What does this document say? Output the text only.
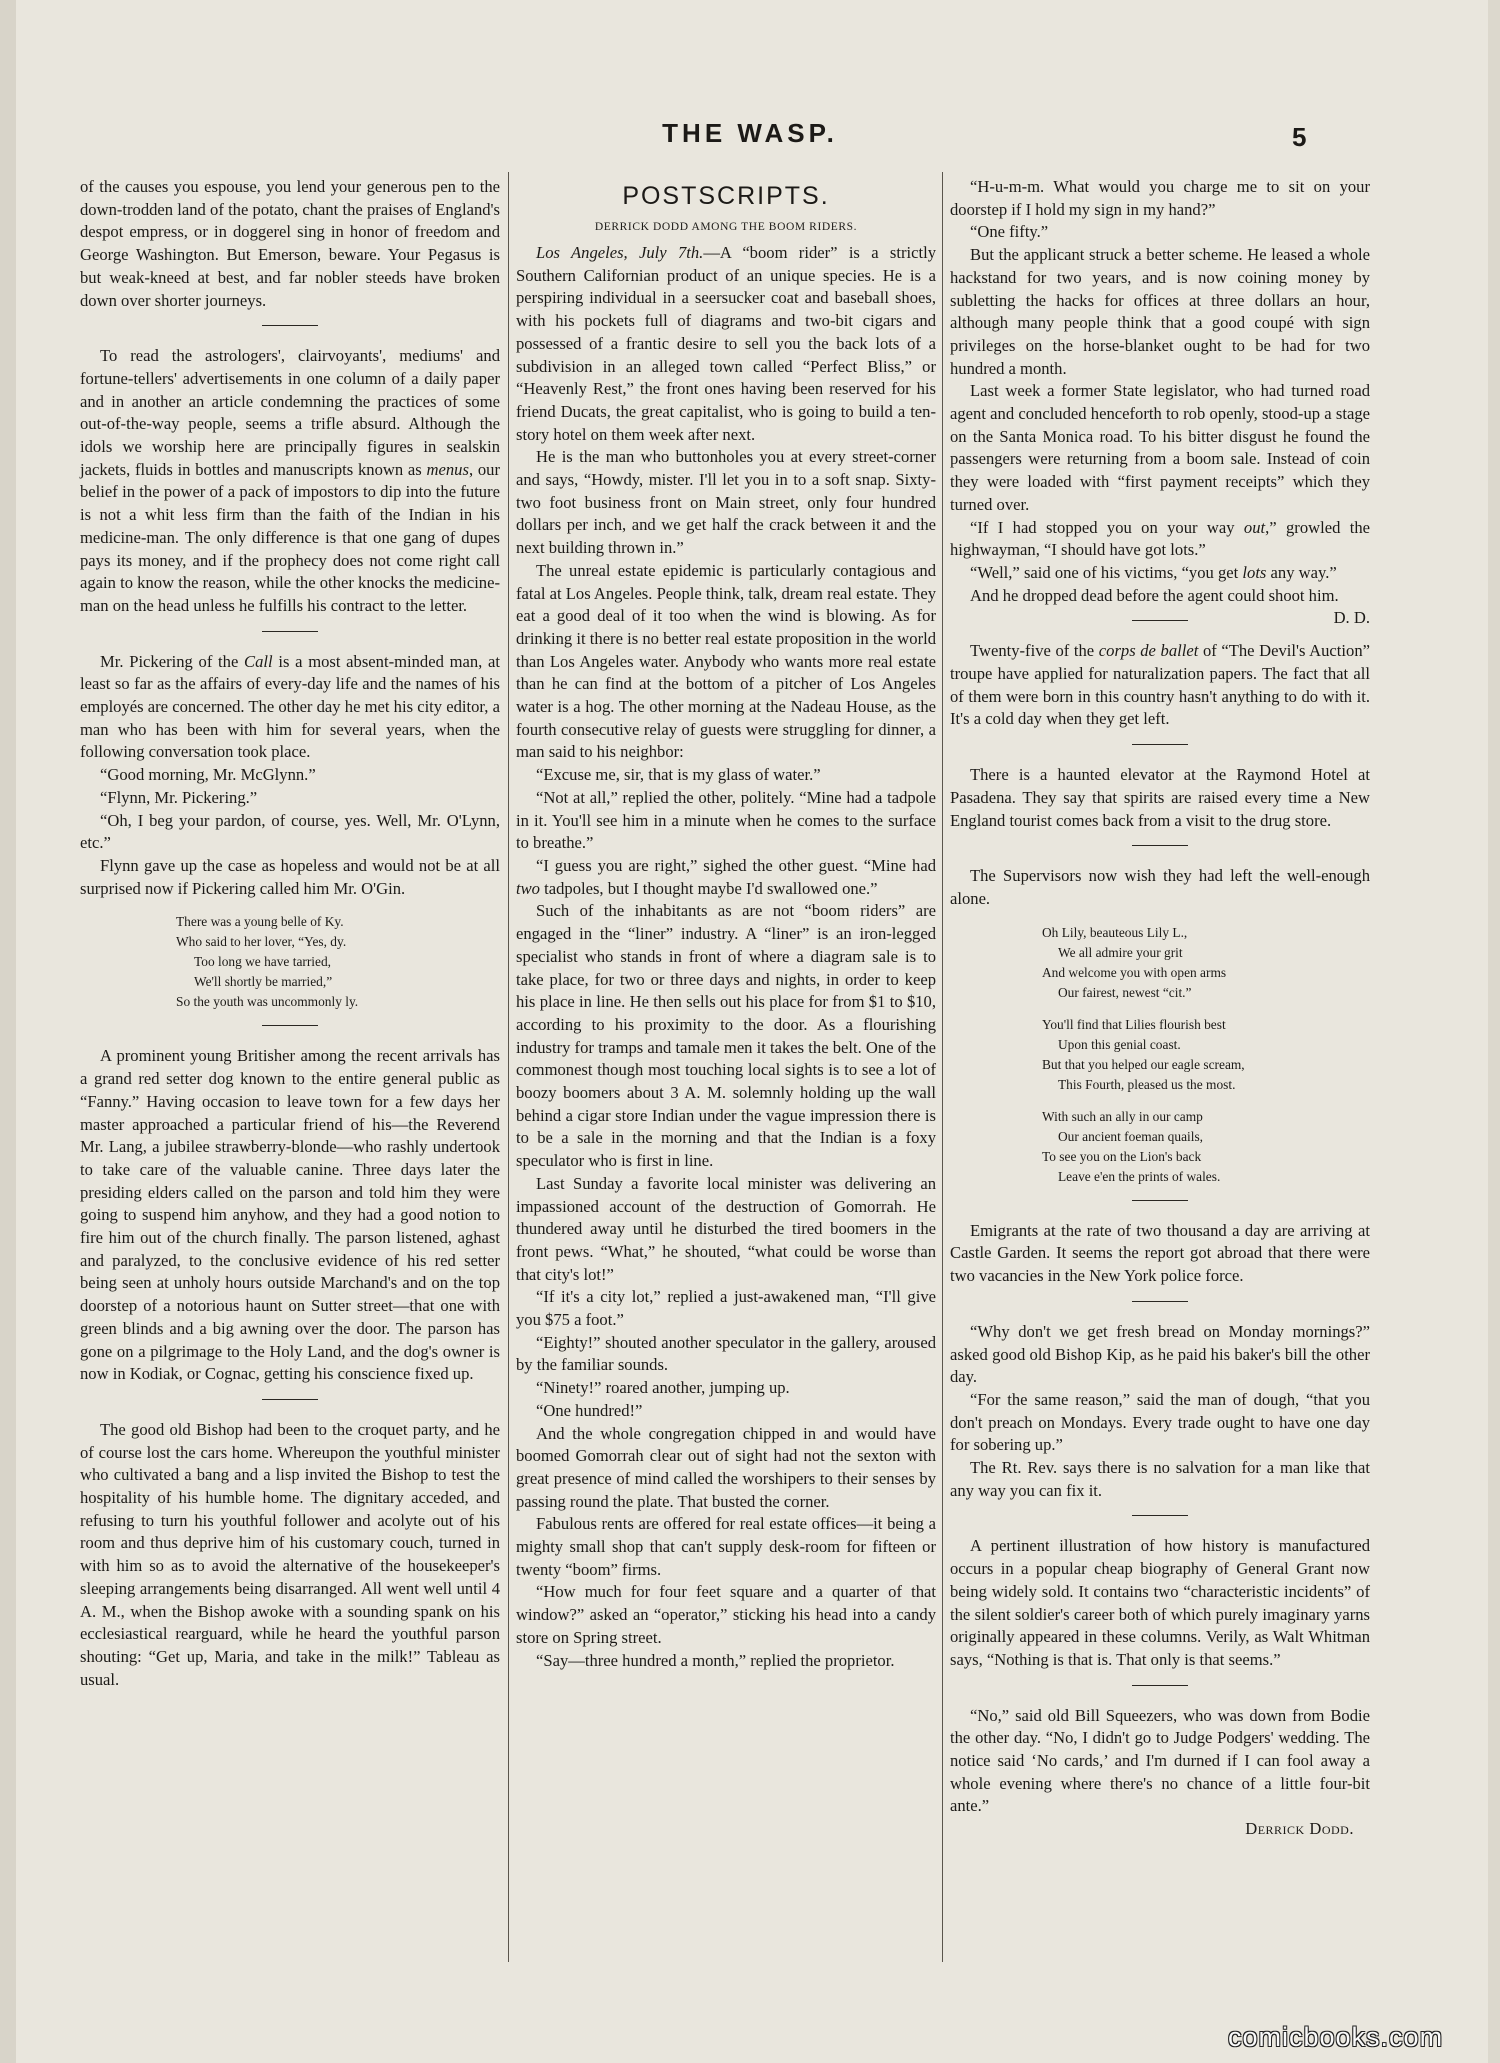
THE WASP.	5

of the causes you espouse, you lend your generous pen to the down-trodden land of the potato, chant the praises of England's despot empress, or in doggerel sing in honor of freedom and George Washington. But Emerson, beware. Your Pegasus is but weak-kneed at best, and far nobler steeds have broken down over shorter journeys.

To read the astrologers', clairvoyants', mediums' and fortune-tellers' advertisements in one column of a daily paper and in another an article condemning the practices of some out-of-the-way people, seems a trifle absurd. Although the idols we worship here are principally figures in sealskin jackets, fluids in bottles and manuscripts known as menus, our belief in the power of a pack of impostors to dip into the future is not a whit less firm than the faith of the Indian in his medicine-man. The only difference is that one gang of dupes pays its money, and if the prophecy does not come right call again to know the reason, while the other knocks the medicine-man on the head unless he fulfills his contract to the letter.

Mr. Pickering of the Call is a most absent-minded man, at least so far as the affairs of every-day life and the names of his employés are concerned. The other day he met his city editor, a man who has been with him for several years, when the following conversation took place.

“Good morning, Mr. McGlynn.”

“Flynn, Mr. Pickering.”

“Oh, I beg your pardon, of course, yes. Well, Mr. O'Lynn, etc.”

Flynn gave up the case as hopeless and would not be at all surprised now if Pickering called him Mr. O'Gin.

There was a young belle of Ky.
Who said to her lover, “Yes, dy.
Too long we have tarried,
We'll shortly be married,”
So the youth was uncommonly ly.

A prominent young Britisher among the recent arrivals has a grand red setter dog known to the entire general public as “Fanny.” Having occasion to leave town for a few days her master approached a particular friend of his—the Reverend Mr. Lang, a jubilee strawberry-blonde—who rashly undertook to take care of the valuable canine. Three days later the presiding elders called on the parson and told him they were going to suspend him anyhow, and they had a good notion to fire him out of the church finally. The parson listened, aghast and paralyzed, to the conclusive evidence of his red setter being seen at unholy hours outside Marchand's and on the top doorstep of a notorious haunt on Sutter street—that one with green blinds and a big awning over the door. The parson has gone on a pilgrimage to the Holy Land, and the dog's owner is now in Kodiak, or Cognac, getting his conscience fixed up.

The good old Bishop had been to the croquet party, and he of course lost the cars home. Whereupon the youthful minister who cultivated a bang and a lisp invited the Bishop to test the hospitality of his humble home. The dignitary acceded, and refusing to turn his youthful follower and acolyte out of his room and thus deprive him of his customary couch, turned in with him so as to avoid the alternative of the housekeeper's sleeping arrangements being disarranged. All went well until 4 A. M., when the Bishop awoke with a sounding spank on his ecclesiastical rearguard, while he heard the youthful parson shouting: “Get up, Maria, and take in the milk!” Tableau as usual.

POSTSCRIPTS.
DERRICK DODD AMONG THE BOOM RIDERS.

Los Angeles, July 7th.—A “boom rider” is a strictly Southern Californian product of an unique species. He is a perspiring individual in a seersucker coat and baseball shoes, with his pockets full of diagrams and two-bit cigars and possessed of a frantic desire to sell you the back lots of a subdivision in an alleged town called “Perfect Bliss,” or “Heavenly Rest,” the front ones having been reserved for his friend Ducats, the great capitalist, who is going to build a ten-story hotel on them week after next.

He is the man who buttonholes you at every street-corner and says, “Howdy, mister. I'll let you in to a soft snap. Sixty-two foot business front on Main street, only four hundred dollars per inch, and we get half the crack between it and the next building thrown in.”

The unreal estate epidemic is particularly contagious and fatal at Los Angeles. People think, talk, dream real estate. They eat a good deal of it too when the wind is blowing. As for drinking it there is no better real estate proposition in the world than Los Angeles water. Anybody who wants more real estate than he can find at the bottom of a pitcher of Los Angeles water is a hog. The other morning at the Nadeau House, as the fourth consecutive relay of guests were struggling for dinner, a man said to his neighbor:

“Excuse me, sir, that is my glass of water.”

“Not at all,” replied the other, politely. “Mine had a tadpole in it. You'll see him in a minute when he comes to the surface to breathe.”

“I guess you are right,” sighed the other guest. “Mine had two tadpoles, but I thought maybe I'd swallowed one.”

Such of the inhabitants as are not “boom riders” are engaged in the “liner” industry. A “liner” is an iron-legged specialist who stands in front of where a diagram sale is to take place, for two or three days and nights, in order to keep his place in line. He then sells out his place for from $1 to $10, according to his proximity to the door. As a flourishing industry for tramps and tamale men it takes the belt. One of the commonest though most touching local sights is to see a lot of boozy boomers about 3 A. M. solemnly holding up the wall behind a cigar store Indian under the vague impression there is to be a sale in the morning and that the Indian is a foxy speculator who is first in line.

Last Sunday a favorite local minister was delivering an impassioned account of the destruction of Gomorrah. He thundered away until he disturbed the tired boomers in the front pews. “What,” he shouted, “what could be worse than that city's lot!”

“If it's a city lot,” replied a just-awakened man, “I'll give you $75 a foot.”

“Eighty!” shouted another speculator in the gallery, aroused by the familiar sounds.

“Ninety!” roared another, jumping up.

“One hundred!”

And the whole congregation chipped in and would have boomed Gomorrah clear out of sight had not the sexton with great presence of mind called the worshipers to their senses by passing round the plate. That busted the corner.

Fabulous rents are offered for real estate offices—it being a mighty small shop that can't supply desk-room for fifteen or twenty “boom” firms.

“How much for four feet square and a quarter of that window?” asked an “operator,” sticking his head into a candy store on Spring street.

“Say—three hundred a month,” replied the proprietor.

“H-u-m-m. What would you charge me to sit on your doorstep if I hold my sign in my hand?”

“One fifty.”

But the applicant struck a better scheme. He leased a whole hackstand for two years, and is now coining money by subletting the hacks for offices at three dollars an hour, although many people think that a good coupé with sign privileges on the horse-blanket ought to be had for two hundred a month.

Last week a former State legislator, who had turned road agent and concluded henceforth to rob openly, stood-up a stage on the Santa Monica road. To his bitter disgust he found the passengers were returning from a boom sale. Instead of coin they were loaded with “first payment receipts” which they turned over.

“If I had stopped you on your way out,” growled the highwayman, “I should have got lots.”

“Well,” said one of his victims, “you get lots any way.”

And he dropped dead before the agent could shoot him.
D. D.

Twenty-five of the corps de ballet of “The Devil's Auction” troupe have applied for naturalization papers. The fact that all of them were born in this country hasn't anything to do with it. It's a cold day when they get left.

There is a haunted elevator at the Raymond Hotel at Pasadena. They say that spirits are raised every time a New England tourist comes back from a visit to the drug store.

The Supervisors now wish they had left the well-enough alone.

Oh Lily, beauteous Lily L.,
We all admire your grit
And welcome you with open arms
Our fairest, newest “cit.”
You'll find that Lilies flourish best
Upon this genial coast.
But that you helped our eagle scream,
This Fourth, pleased us the most.
With such an ally in our camp
Our ancient foeman quails,
To see you on the Lion's back
Leave e'en the prints of wales.

Emigrants at the rate of two thousand a day are arriving at Castle Garden. It seems the report got abroad that there were two vacancies in the New York police force.

“Why don't we get fresh bread on Monday mornings?” asked good old Bishop Kip, as he paid his baker's bill the other day.

“For the same reason,” said the man of dough, “that you don't preach on Mondays. Every trade ought to have one day for sobering up.”

The Rt. Rev. says there is no salvation for a man like that any way you can fix it.

A pertinent illustration of how history is manufactured occurs in a popular cheap biography of General Grant now being widely sold. It contains two “characteristic incidents” of the silent soldier's career both of which purely imaginary yarns originally appeared in these columns. Verily, as Walt Whitman says, “Nothing is that is. That only is that seems.”

“No,” said old Bill Squeezers, who was down from Bodie the other day. “No, I didn't go to Judge Podgers' wedding. The notice said ‘No cards,’ and I'm durned if I can fool away a whole evening where there's no chance of a little four-bit ante.”

Derrick Dodd.
comicbooks.com
